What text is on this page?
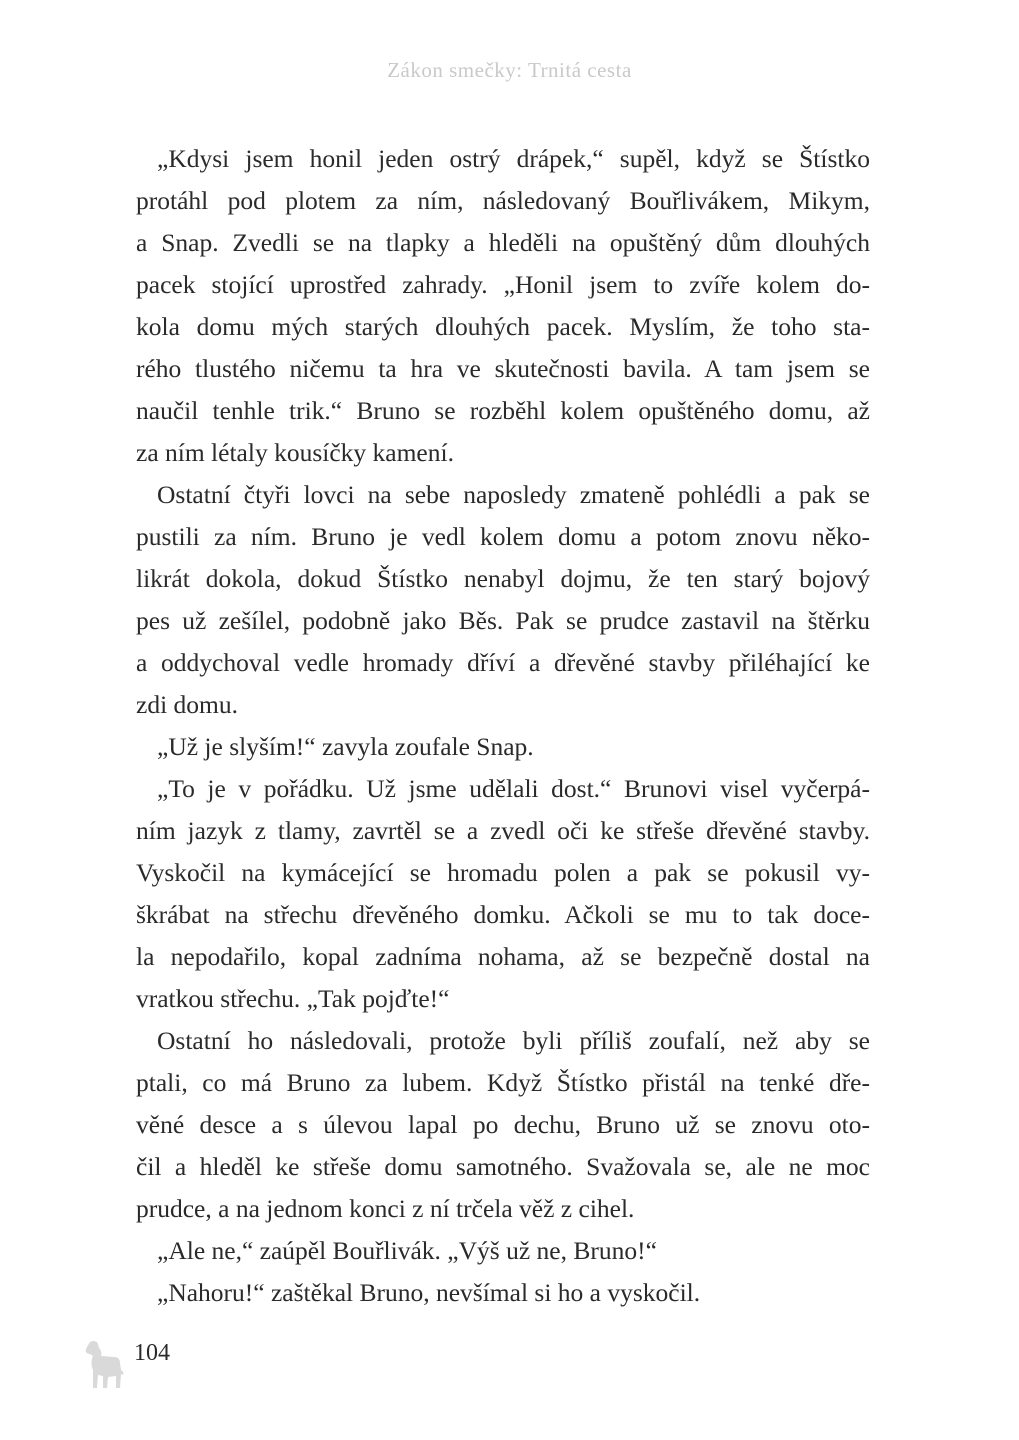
Zákon smečky: Trnitá cesta
„Kdysi jsem honil jeden ostrý drápek,“ supěl, když se Štístko
protáhl pod plotem za ním, následovaný Bouřlivákem, Mikym,
a Snap. Zvedli se na tlapky a hleděli na opuštěný dům dlouhých
pacek stojící uprostřed zahrady. „Honil jsem to zvíře kolem do-
kola domu mých starých dlouhých pacek. Myslím, že toho sta-
rého tlustého ničemu ta hra ve skutečnosti bavila. A tam jsem se
naučil tenhle trik.“ Bruno se rozběhl kolem opuštěného domu, až
za ním létaly kousíčky kamení.
Ostatní čtyři lovci na sebe naposledy zmateně pohlédli a pak se
pustili za ním. Bruno je vedl kolem domu a potom znovu něko-
likrát dokola, dokud Štístko nenabyl dojmu, že ten starý bojový
pes už zešílel, podobně jako Běs. Pak se prudce zastavil na štěrku
a oddychoval vedle hromady dříví a dřevěné stavby přiléhající ke
zdi domu.
„Už je slyším!“ zavyla zoufale Snap.
„To je v pořádku. Už jsme udělali dost.“ Brunovi visel vyčerpá-
ním jazyk z tlamy, zavrtěl se a zvedl oči ke střeše dřevěné stavby.
Vyskočil na kymácející se hromadu polen a pak se pokusil vy-
škrábat na střechu dřevěného domku. Ačkoli se mu to tak doce-
la nepodařilo, kopal zadníma nohama, až se bezpečně dostal na
vratkou střechu. „Tak pojďte!“
Ostatní ho následovali, protože byli příliš zoufalí, než aby se
ptali, co má Bruno za lubem. Když Štístko přistál na tenké dře-
věné desce a s úlevou lapal po dechu, Bruno už se znovu oto-
čil a hleděl ke střeše domu samotného. Svažovala se, ale ne moc
prudce, a na jednom konci z ní trčela věž z cihel.
„Ale ne,“ zaúpěl Bouřlivák. „Výš už ne, Bruno!“
„Nahoru!“ zaštěkal Bruno, nevšímal si ho a vyskočil.
104
